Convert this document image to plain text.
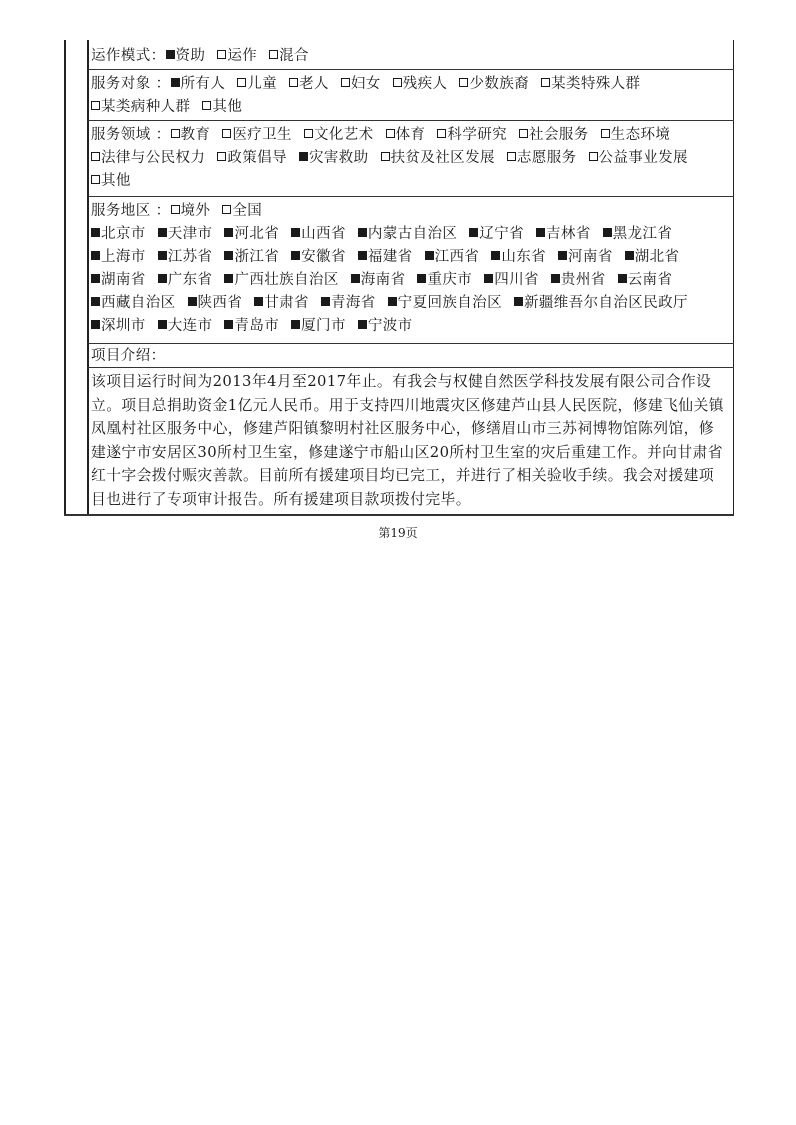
运作模式： 资助 运作 混合
服务对象 ： 所有人 儿童 老人 妇女 残疾人 少数族裔 某类特殊人群 某类病种人群 其他
服务领域 ： 教育 医疗卫生 文化艺术 体育 科学研究 社会服务 生态环境 法律与公民权力 政策倡导 灾害救助 扶贫及社区发展 志愿服务 公益事业发展 其他
服务地区 ： 境外 全国
北京市 天津市 河北省 山西省 内蒙古自治区 辽宁省 吉林省 黑龙江省 上海市 江苏省 浙江省 安徽省 福建省 江西省 山东省 河南省 湖北省 湖南省 广东省 广西壮族自治区 海南省 重庆市 四川省 贵州省 云南省 西藏自治区 陕西省 甘肃省 青海省 宁夏回族自治区 新疆维吾尔自治区民政厅 深圳市 大连市 青岛市 厦门市 宁波市
项目介绍：
该项目运行时间为2013年4月至2017年止。有我会与权健自然医学科技发展有限公司合作设立。项目总捐助资金1亿元人民币。用于支持四川地震灾区修建芦山县人民医院，修建飞仙关镇凤凰村社区服务中心，修建芦阳镇黎明村社区服务中心，修缮眉山市三苏祠博物馆陈列馆，修建遂宁市安居区30所村卫生室，修建遂宁市船山区20所村卫生室的灾后重建工作。并向甘肃省红十字会拨付赈灾善款。目前所有援建项目均已完工，并进行了相关验收手续。我会对援建项目也进行了专项审计报告。所有援建项目款项拨付完毕。
第19页
